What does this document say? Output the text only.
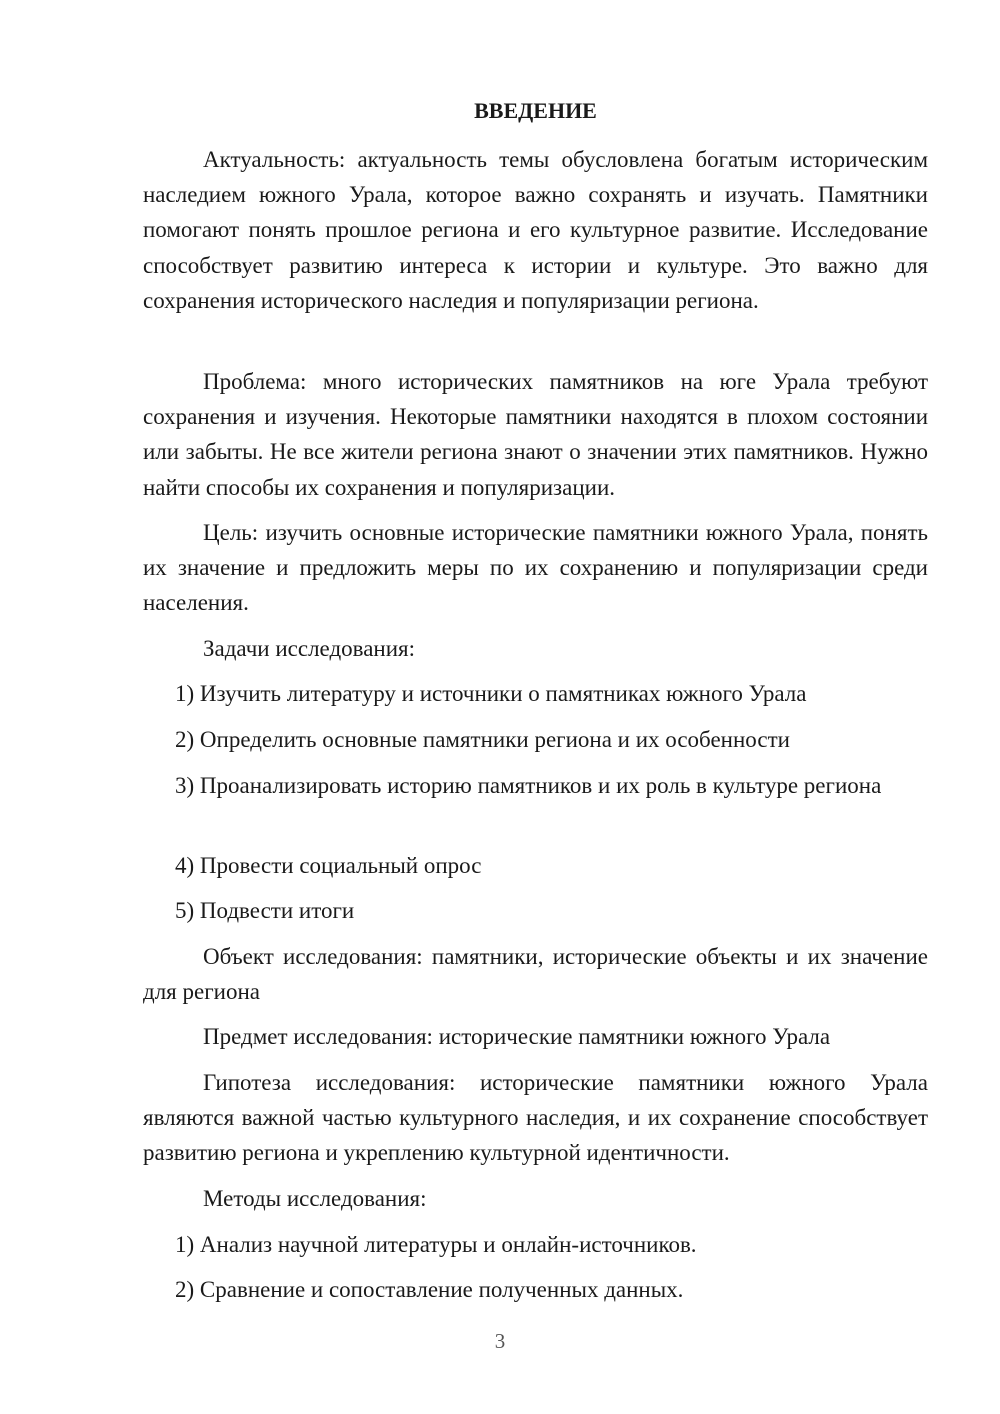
ВВЕДЕНИЕ

Актуальность: актуальность темы обусловлена богатым историческим наследием южного Урала, которое важно сохранять и изучать. Памятники помогают понять прошлое региона и его культурное развитие. Исследование способствует развитию интереса к истории и культуре. Это важно для сохранения исторического наследия и популяризации региона.

Проблема: много исторических памятников на юге Урала требуют сохранения и изучения. Некоторые памятники находятся в плохом состоянии или забыты. Не все жители региона знают о значении этих памятников. Нужно найти способы их сохранения и популяризации.

Цель: изучить основные исторические памятники южного Урала, понять их значение и предложить меры по их сохранению и популяризации среди населения.

Задачи исследования:

1) Изучить литературу и источники о памятниках южного Урала

2) Определить основные памятники региона и их особенности

3) Проанализировать историю памятников и их роль в культуре региона

4) Провести социальный опрос

5) Подвести итоги

Объект исследования: памятники, исторические объекты и их значение для региона

Предмет исследования: исторические памятники южного Урала

Гипотеза исследования: исторические памятники южного Урала являются важной частью культурного наследия, и их сохранение способствует развитию региона и укреплению культурной идентичности.

Методы исследования:

1) Анализ научной литературы и онлайн-источников.

2) Сравнение и сопоставление полученных данных.

3
